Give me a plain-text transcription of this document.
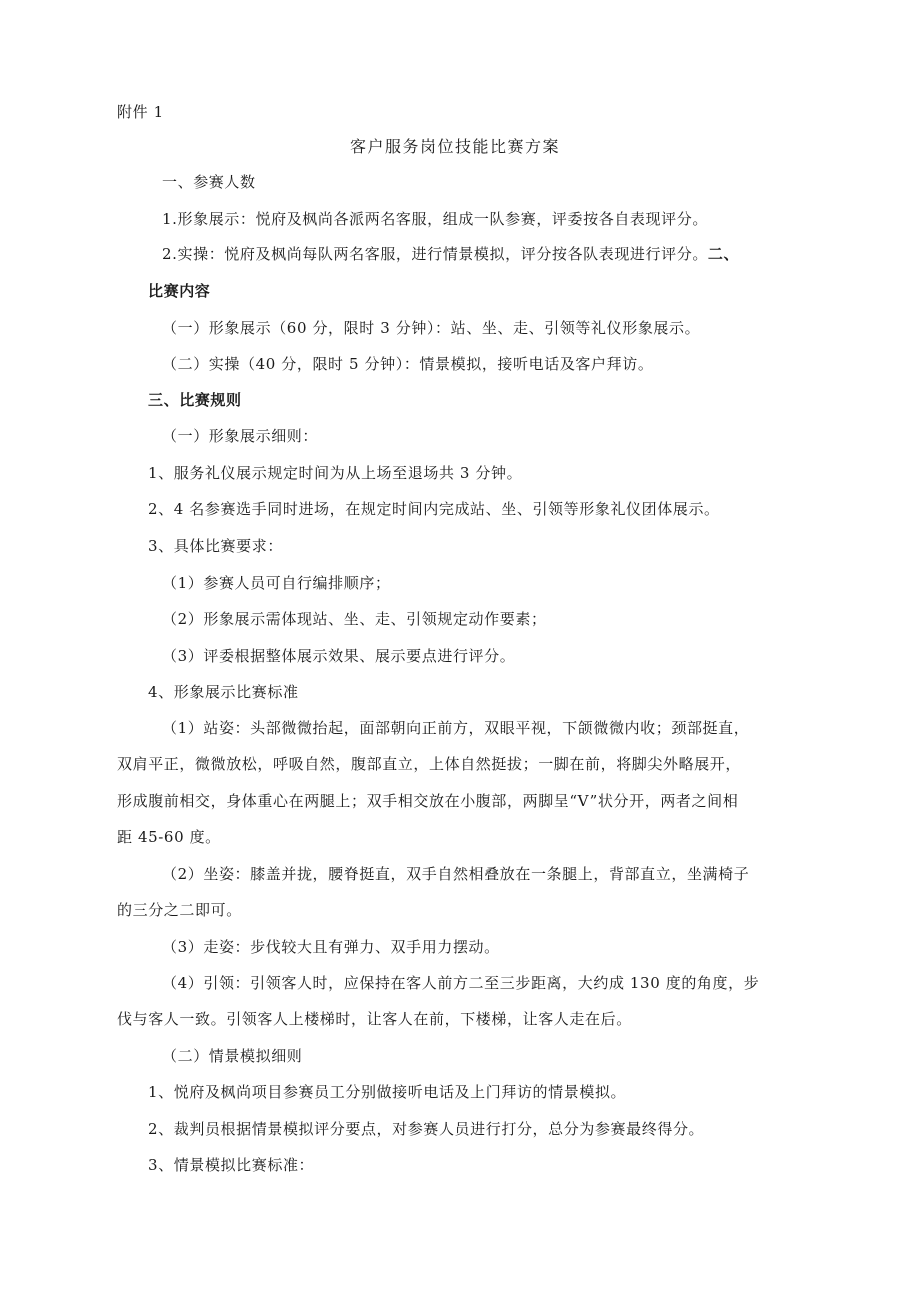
附件 1
客户服务岗位技能比赛方案
一、参赛人数
1.形象展示：悦府及枫尚各派两名客服，组成一队参赛，评委按各自表现评分。
2.实操：悦府及枫尚每队两名客服，进行情景模拟，评分按各队表现进行评分。二、
比赛内容
（一）形象展示（60 分，限时 3 分钟）：站、坐、走、引领等礼仪形象展示。
（二）实操（40 分，限时 5 分钟）：情景模拟，接听电话及客户拜访。
三、比赛规则
（一）形象展示细则：
1、服务礼仪展示规定时间为从上场至退场共 3 分钟。
2、4 名参赛选手同时进场，在规定时间内完成站、坐、引领等形象礼仪团体展示。
3、具体比赛要求：
（1）参赛人员可自行编排顺序；
（2）形象展示需体现站、坐、走、引领规定动作要素；
（3）评委根据整体展示效果、展示要点进行评分。
4、形象展示比赛标准
（1）站姿：头部微微抬起，面部朝向正前方，双眼平视，下颌微微内收；颈部挺直，
双肩平正，微微放松，呼吸自然，腹部直立，上体自然挺拔；一脚在前，将脚尖外略展开，
形成腹前相交，身体重心在两腿上；双手相交放在小腹部，两脚呈“V”状分开，两者之间相
距 45-60 度。
（2）坐姿：膝盖并拢，腰脊挺直，双手自然相叠放在一条腿上，背部直立，坐满椅子
的三分之二即可。
（3）走姿：步伐较大且有弹力、双手用力摆动。
（4）引领：引领客人时，应保持在客人前方二至三步距离，大约成 130 度的角度，步
伐与客人一致。引领客人上楼梯时，让客人在前，下楼梯，让客人走在后。
（二）情景模拟细则
1、悦府及枫尚项目参赛员工分别做接听电话及上门拜访的情景模拟。
2、裁判员根据情景模拟评分要点，对参赛人员进行打分，总分为参赛最终得分。
3、情景模拟比赛标准：
